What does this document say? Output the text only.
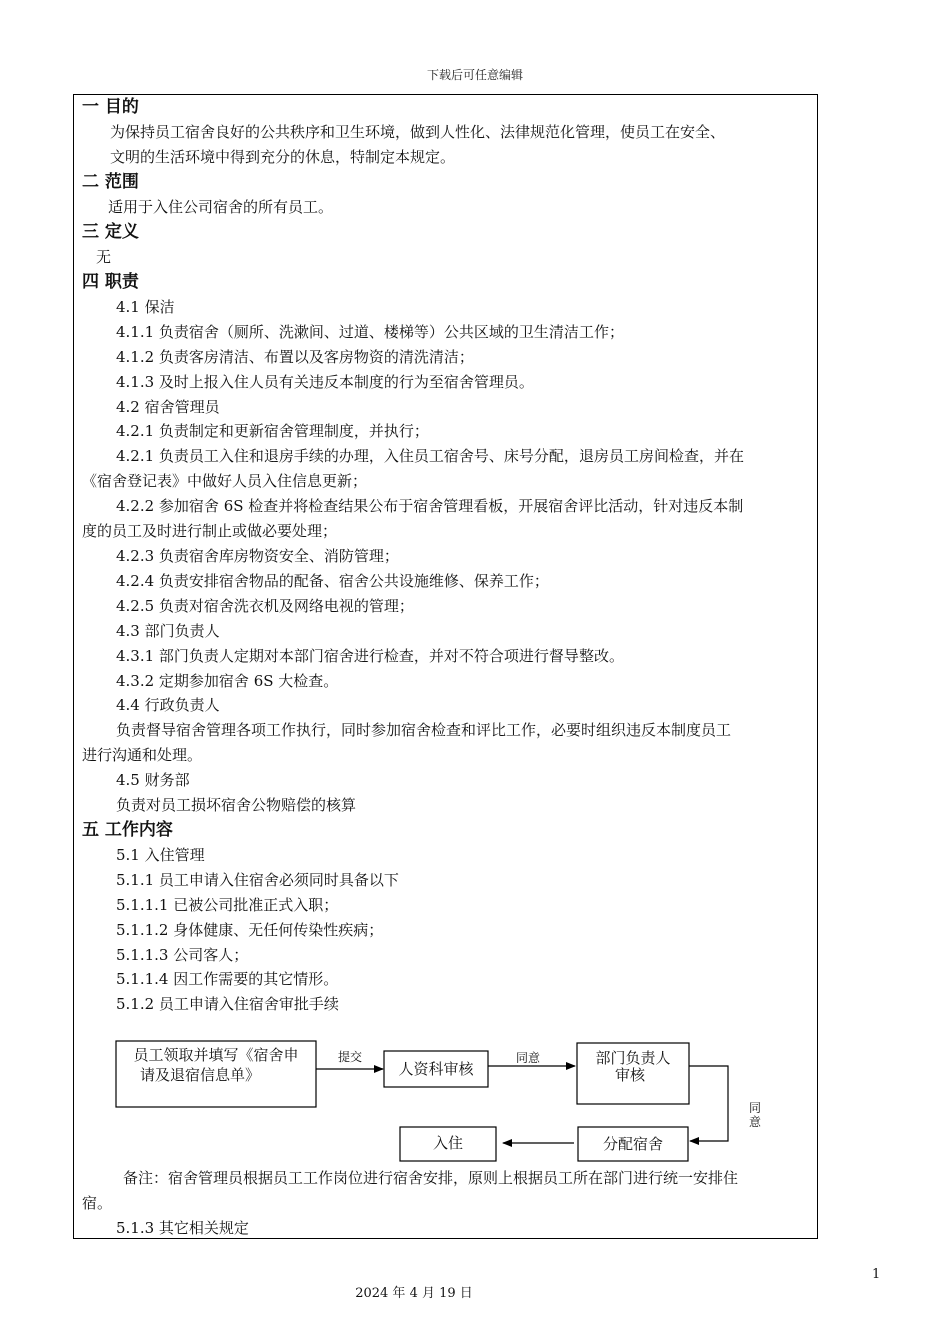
下载后可任意编辑
一 目的
为保持员工宿舍良好的公共秩序和卫生环境，做到人性化、法律规范化管理，使员工在安全、
文明的生活环境中得到充分的休息，特制定本规定。
二 范围
适用于入住公司宿舍的所有员工。
三 定义
无
四 职责
4.1 保洁
4.1.1 负责宿舍（厕所、洗漱间、过道、楼梯等）公共区域的卫生清洁工作；
4.1.2 负责客房清洁、布置以及客房物资的清洗清洁；
4.1.3 及时上报入住人员有关违反本制度的行为至宿舍管理员。
4.2 宿舍管理员
4.2.1 负责制定和更新宿舍管理制度，并执行；
4.2.1 负责员工入住和退房手续的办理，入住员工宿舍号、床号分配，退房员工房间检查，并在
《宿舍登记表》中做好人员入住信息更新；
4.2.2 参加宿舍 6S 检查并将检查结果公布于宿舍管理看板，开展宿舍评比活动，针对违反本制
度的员工及时进行制止或做必要处理；
4.2.3 负责宿舍库房物资安全、消防管理；
4.2.4 负责安排宿舍物品的配备、宿舍公共设施维修、保养工作；
4.2.5 负责对宿舍洗衣机及网络电视的管理；
4.3 部门负责人
4.3.1 部门负责人定期对本部门宿舍进行检查，并对不符合项进行督导整改。
4.3.2 定期参加宿舍 6S 大检查。
4.4 行政负责人
负责督导宿舍管理各项工作执行，同时参加宿舍检查和评比工作，必要时组织违反本制度员工
进行沟通和处理。
4.5 财务部
负责对员工损坏宿舍公物赔偿的核算
五 工作内容
5.1 入住管理
5.1.1 员工申请入住宿舍必须同时具备以下
5.1.1.1 已被公司批准正式入职；
5.1.1.2 身体健康、无任何传染性疾病；
5.1.1.3 公司客人；
5.1.1.4 因工作需要的其它情形。
5.1.2 员工申请入住宿舍审批手续
员工领取并填写《宿舍申
请及退宿信息单》
提交
人资科审核
同意	部门负责人
审核
同
意
分配宿舍
入住
备注：宿舍管理员根据员工工作岗位进行宿舍安排，原则上根据员工所在部门进行统一安排住
宿。
5.1.3 其它相关规定
1
2024 年 4 月 19 日
